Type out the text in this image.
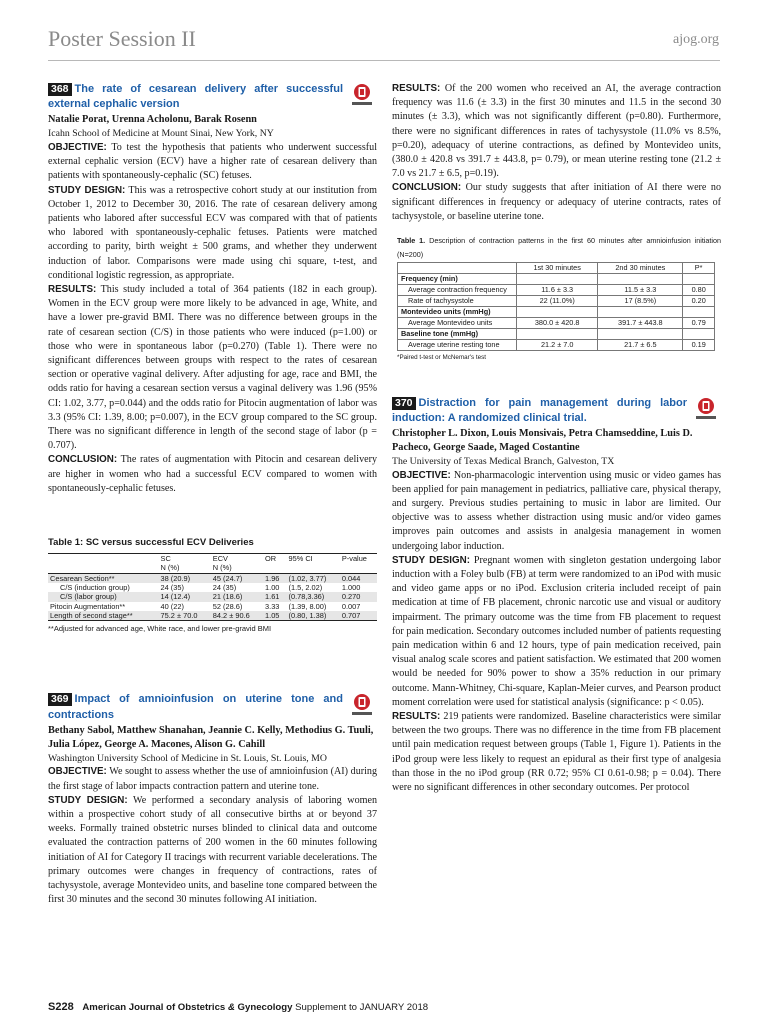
Poster Session II	ajog.org
368 The rate of cesarean delivery after successful external cephalic version
Natalie Porat, Urenna Acholonu, Barak Rosenn
Icahn School of Medicine at Mount Sinai, New York, NY

OBJECTIVE: To test the hypothesis that patients who underwent successful external cephalic version (ECV) have a higher rate of cesarean delivery than patients with spontaneously-cephalic (SC) fetuses.

STUDY DESIGN: This was a retrospective cohort study at our institution from October 1, 2012 to December 30, 2016. The rate of cesarean delivery among patients who labored after successful ECV was compared with that of patients who labored with spontaneously-cephalic fetuses. Patients were matched according to parity, birth weight ± 500 grams, and whether they underwent induction of labor. Comparisons were made using chi square, t-test, and conditional logistic regression, as appropriate.

RESULTS: This study included a total of 364 patients (182 in each group). Women in the ECV group were more likely to be advanced in age, White, and have a lower pre-gravid BMI. There was no difference between groups in the rate of cesarean section (C/S) in those patients who were induced (p=1.00) or those who were in spontaneous labor (p=0.270) (Table 1). There were no significant differences between groups with respect to the rates of cesarean section or operative vaginal delivery. After adjusting for age, race and BMI, the odds ratio for having a cesarean section versus a vaginal delivery was 1.96 (95% CI: 1.02, 3.77, p=0.044) and the odds ratio for Pitocin augmentation of labor was 3.3 (95% CI: 1.39, 8.00; p=0.007), in the ECV group compared to the SC group. There was no significant difference in length of the second stage of labor (p = 0.707).

CONCLUSION: The rates of augmentation with Pitocin and cesarean delivery are higher in women who had a successful ECV compared to women with spontaneously-cephalic fetuses.

Table 1: SC versus successful ECV Deliveries
	SC	ECV	OR	95% CI	P-value
	N (%)	N (%)			
Cesarean Section**	38 (20.9)	45 (24.7)	1.96	(1.02, 3.77)	0.044
C/S (induction group)	24 (35)	24 (35)	1.00	(1.5, 2.02)	1.000
C/S (labor group)	14 (12.4)	21 (18.6)	1.61	(0.78,3.36)	0.270
Pitocin Augmentation**	40 (22)	52 (28.6)	3.33	(1.39, 8.00)	0.007
Length of second stage**	75.2 ± 70.0	84.2 ± 90.6	1.05	(0.80, 1.38)	0.707
**Adjusted for advanced age, White race, and lower pre-gravid BMI
369 Impact of amnioinfusion on uterine tone and contractions
Bethany Sabol, Matthew Shanahan, Jeannie C. Kelly, Methodius G. Tuuli, Julia López, George A. Macones, Alison G. Cahill
Washington University School of Medicine in St. Louis, St. Louis, MO

OBJECTIVE: We sought to assess whether the use of amnioinfusion (AI) during the first stage of labor impacts contraction pattern and uterine tone.

STUDY DESIGN: We performed a secondary analysis of laboring women within a prospective cohort study of all consecutive births at or beyond 37 weeks. Formally trained obstetric nurses blinded to clinical data and outcome evaluated the contraction patterns of 200 women in the 60 minutes following initiation of AI for Category II tracings with recurrent variable decelerations. The primary outcomes were changes in frequency of contractions, rates of tachysystole, average Montevideo units, and baseline tone compared between the first 30 minutes and the second 30 minutes following AI initiation.

RESULTS: Of the 200 women who received an AI, the average contraction frequency was 11.6 (± 3.3) in the first 30 minutes and 11.5 in the second 30 minutes (± 3.3), which was not significantly different (p=0.80). Furthermore, there were no significant differences in rates of tachysystole (11.0% vs 8.5%, p=0.20), adequacy of uterine contractions, as defined by Montevideo units, (380.0 ± 420.8 vs 391.7 ± 443.8, p= 0.79), or mean uterine resting tone (21.2 ± 7.0 vs 21.7 ± 6.5, p=0.19).

CONCLUSION: Our study suggests that after initiation of AI there were no significant differences in frequency or adequacy of uterine contracts, rates of tachysystole, or baseline uterine tone.

Table 1. Description of contraction patterns in the first 60 minutes after amnioinfusion initiation (N=200)
	1st 30 minutes	2nd 30 minutes	P*
Frequency (min)			
Average contraction frequency	11.6 ± 3.3	11.5 ± 3.3	0.80
Rate of tachysystole	22 (11.0%)	17 (8.5%)	0.20
Montevideo units (mmHg)			
Average Montevideo units	380.0 ± 420.8	391.7 ± 443.8	0.79
Baseline tone (mmHg)			
Average uterine resting tone	21.2 ± 7.0	21.7 ± 6.5	0.19
*Paired t-test or McNemar's test
370 Distraction for pain management during labor induction: A randomized clinical trial.
Christopher L. Dixon, Louis Monsivais, Petra Chamseddine, Luis D. Pacheco, George Saade, Maged Costantine
The University of Texas Medical Branch, Galveston, TX

OBJECTIVE: Non-pharmacologic intervention using music or video games has been applied for pain management in pediatrics, palliative care, physical therapy, and surgery. Previous studies pertaining to music in labor are limited. Our objective was to assess whether distraction using music and/or video games improves pain outcomes and assists in analgesia management in women undergoing labor induction.

STUDY DESIGN: Pregnant women with singleton gestation undergoing labor induction with a Foley bulb (FB) at term were randomized to an iPod with music and video game apps or no iPod. Exclusion criteria included receipt of pain medication at time of FB placement, chronic narcotic use and visual or auditory impairment. The primary outcome was the time from FB placement to request for pain medication. Secondary outcomes included number of patients requesting pain medication within 6 and 12 hours, type of pain medication received, pain visual analog scale scores and patient satisfaction. We estimated that 200 women would be needed for 90% power to show a 35% reduction in our primary outcome. Mann-Whitney, Chi-square, Kaplan-Meier curves, and Pearson product moment correlation were used for statistical analysis (significance: p < 0.05).

RESULTS: 219 patients were randomized. Baseline characteristics were similar between the two groups. There was no difference in the time from FB placement until pain medication request between groups (Table 1, Figure 1). Patients in the iPod group were less likely to request an epidural as their first type of analgesia than those in the no iPod group (RR 0.72; 95% CI 0.61-0.98; p = 0.04). There were no significant differences in other secondary outcomes. Per protocol

S228 American Journal of Obstetrics & Gynecology Supplement to JANUARY 2018
